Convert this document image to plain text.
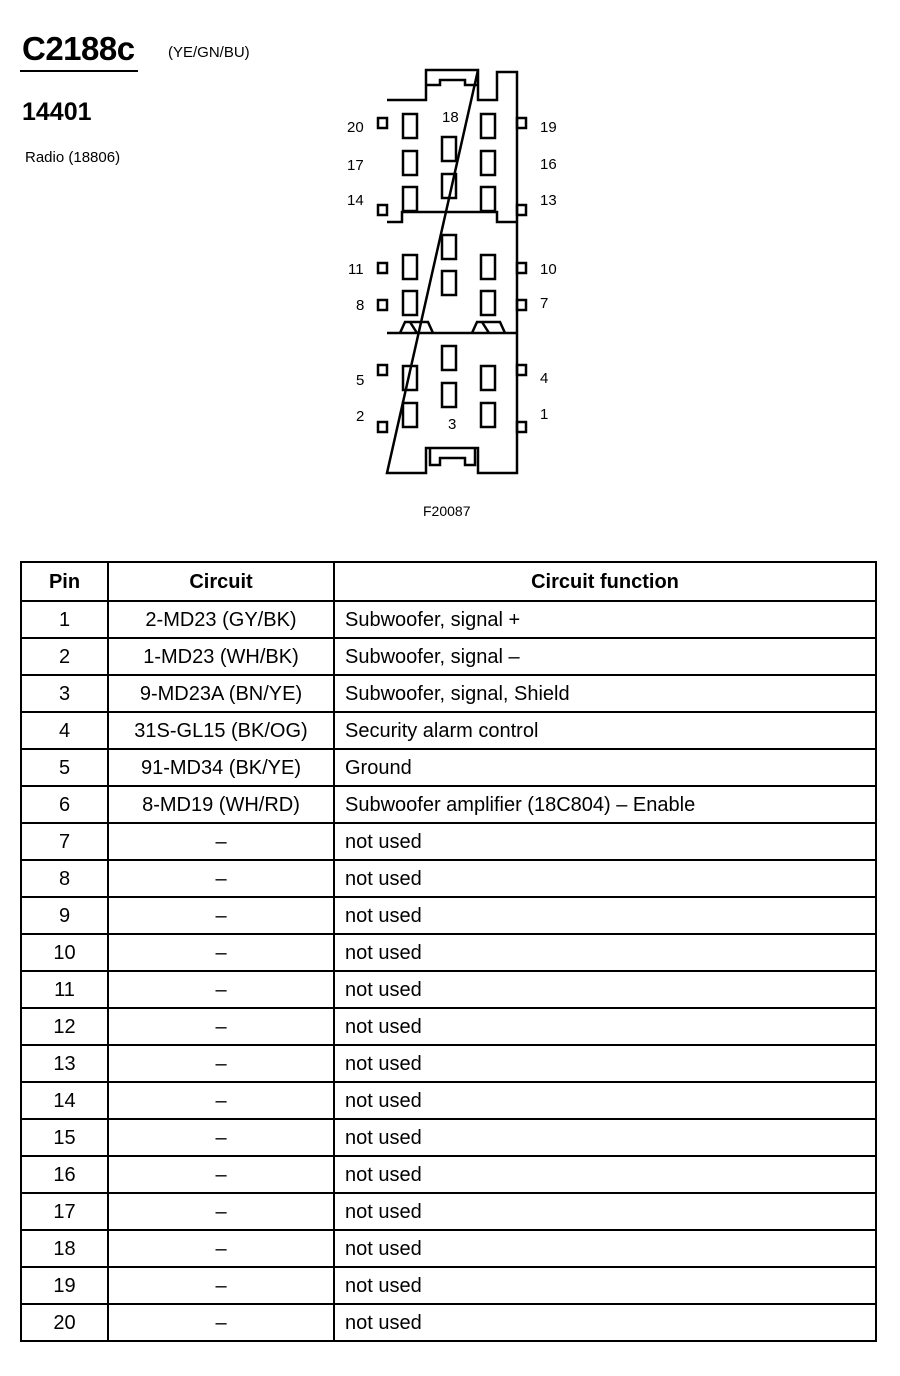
C2188c (YE/GN/BU)
14401
Radio (18806)
1
2	3
4
5
7
8
10
11
13
14
16
17
18
19
20
F20087
Pin	Circuit	Circuit function
1	2-MD23 (GY/BK)	Subwoofer, signal +
2	1-MD23 (WH/BK)	Subwoofer, signal –
3	9-MD23A (BN/YE)	Subwoofer, signal, Shield
4	31S-GL15 (BK/OG)	Security alarm control
5	91-MD34 (BK/YE)	Ground
6	8-MD19 (WH/RD)	Subwoofer amplifier (18C804) – Enable
7	–	not used
8	–	not used
9	–	not used
10	–	not used
11	–	not used
12	–	not used
13	–	not used
14	–	not used
15	–	not used
16	–	not used
17	–	not used
18	–	not used
19	–	not used
20	–	not used
